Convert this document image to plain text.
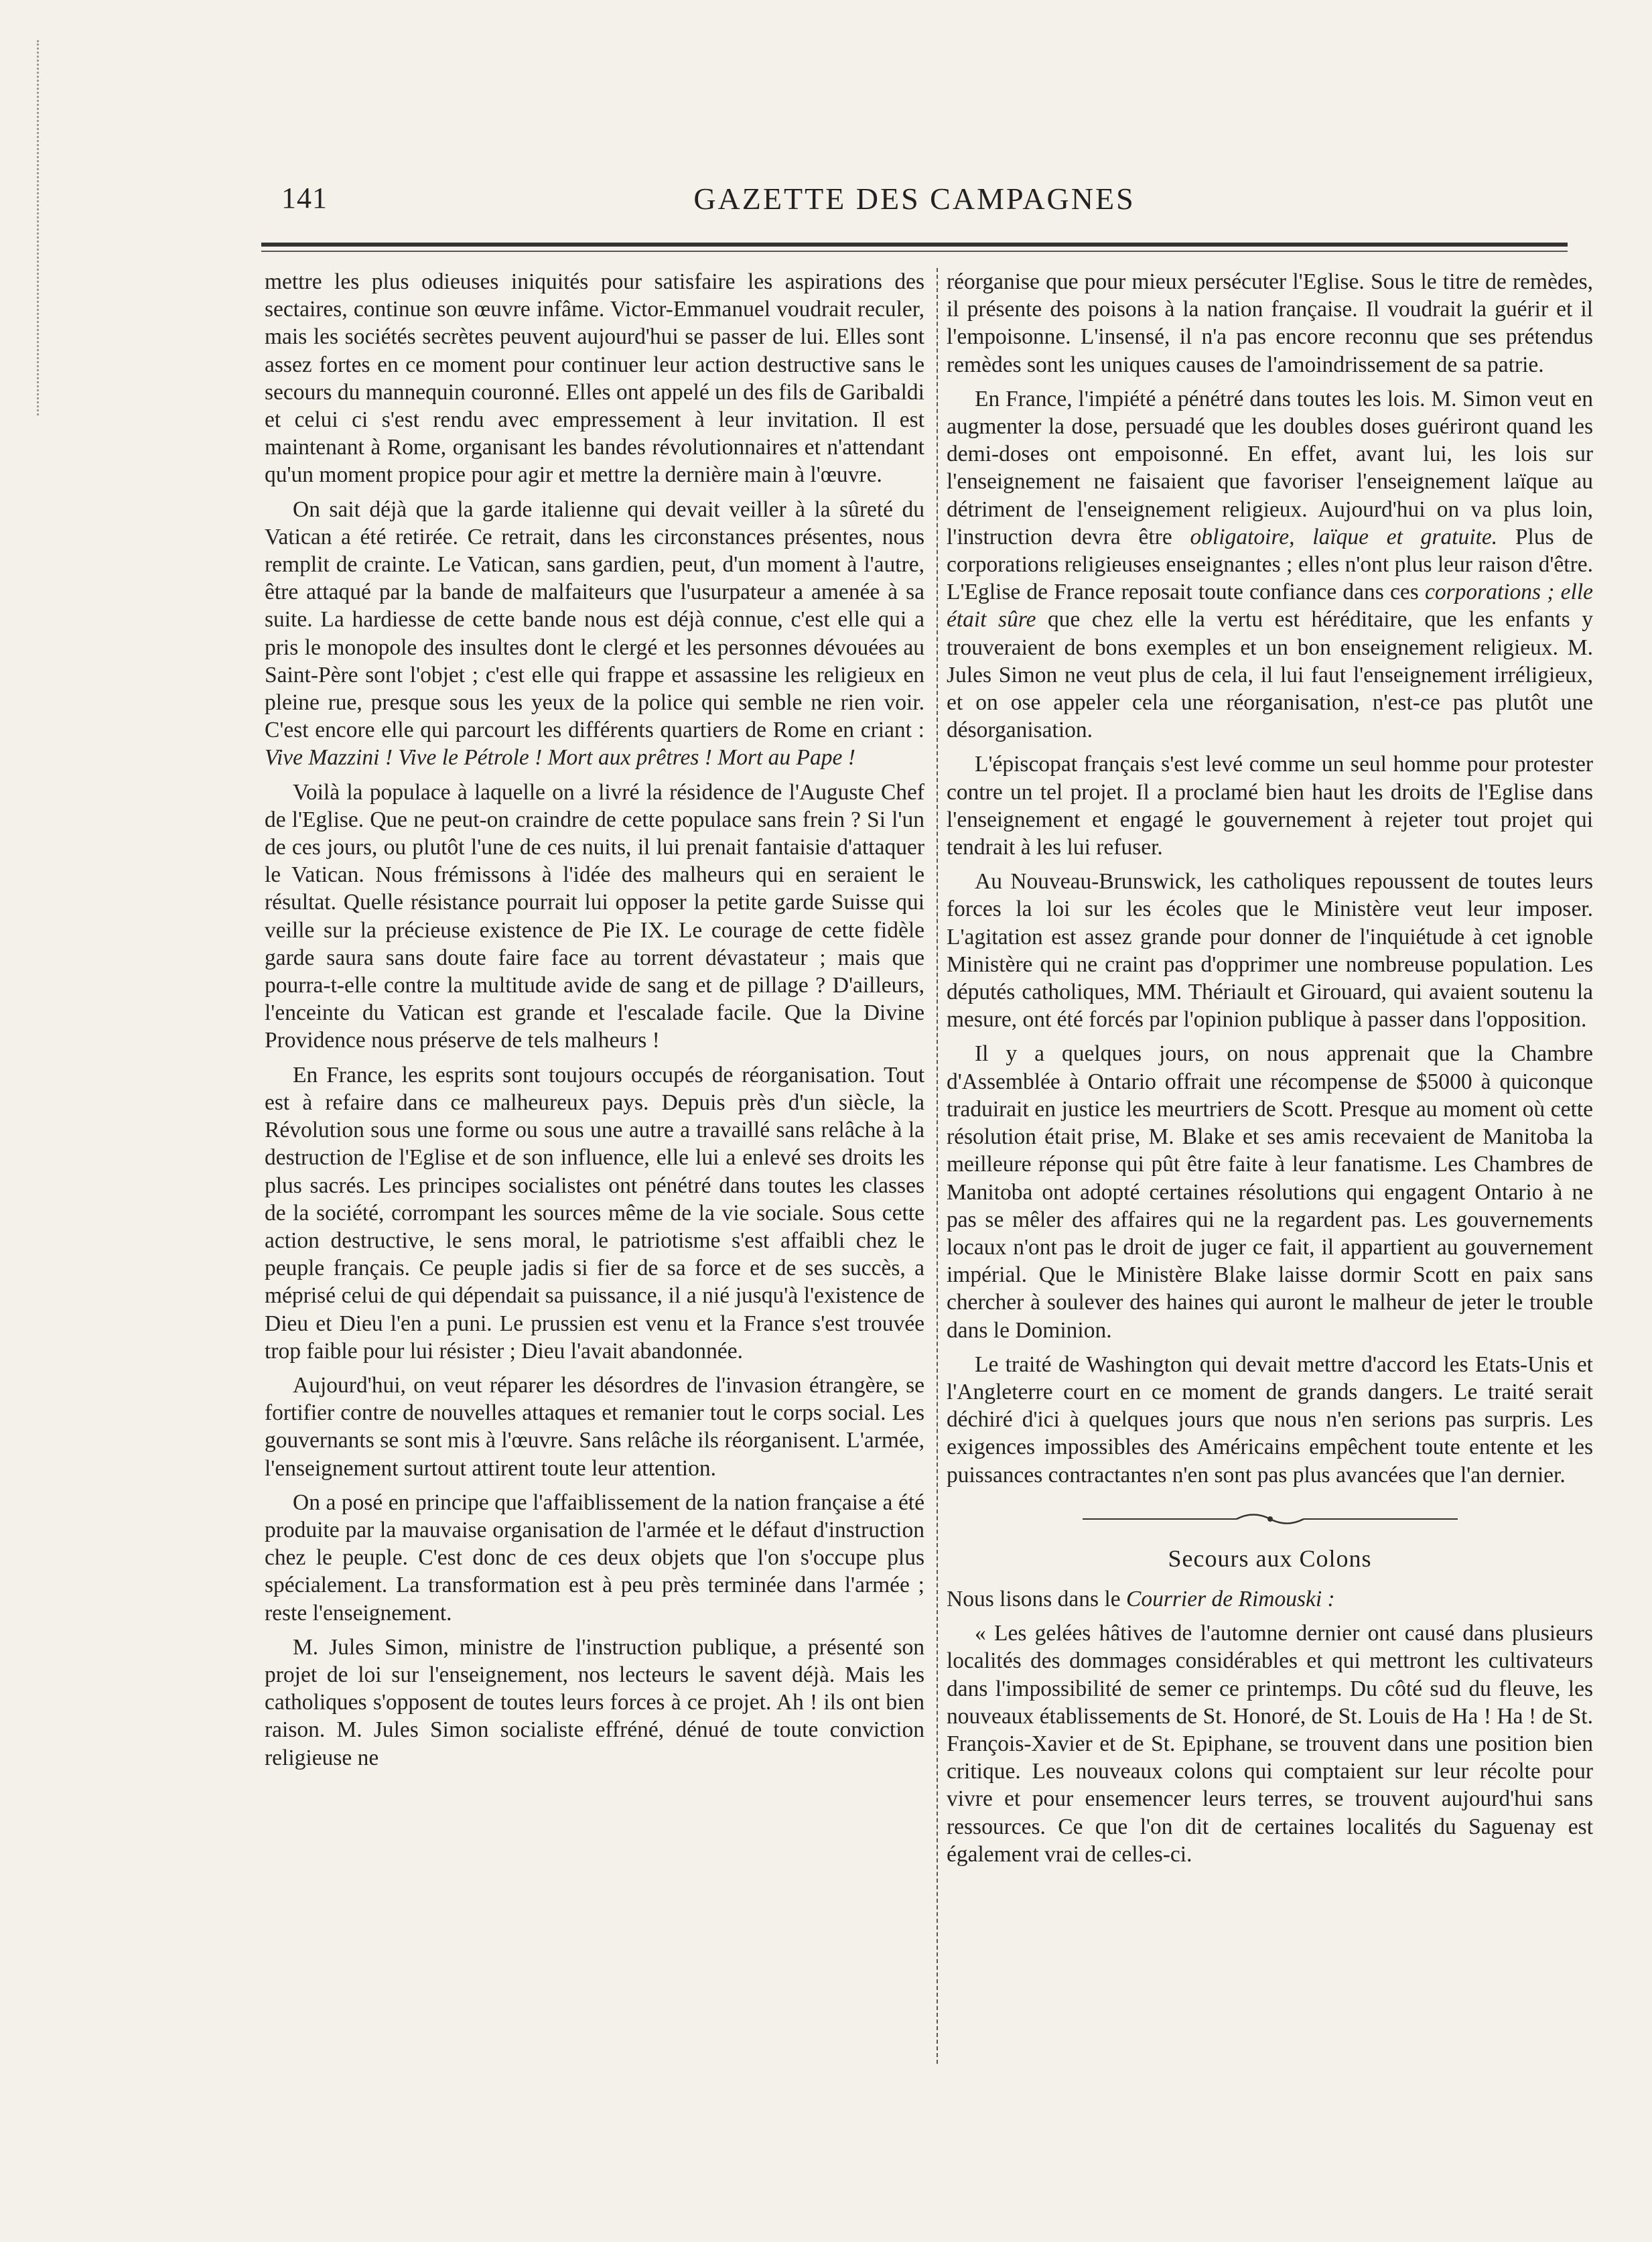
141	GAZETTE DES CAMPAGNES

mettre les plus odieuses iniquités pour satisfaire les aspirations des sectaires, continue son œuvre infâme. Victor-Emmanuel voudrait reculer, mais les sociétés secrètes peuvent aujourd'hui se passer de lui. Elles sont assez fortes en ce moment pour continuer leur action destructive sans le secours du mannequin couronné. Elles ont appelé un des fils de Garibaldi et celui ci s'est rendu avec empressement à leur invitation. Il est maintenant à Rome, organisant les bandes révolutionnaires et n'attendant qu'un moment propice pour agir et mettre la dernière main à l'œuvre.

On sait déjà que la garde italienne qui devait veiller à la sûreté du Vatican a été retirée. Ce retrait, dans les circonstances présentes, nous remplit de crainte. Le Vatican, sans gardien, peut, d'un moment à l'autre, être attaqué par la bande de malfaiteurs que l'usurpateur a amenée à sa suite. La hardiesse de cette bande nous est déjà connue, c'est elle qui a pris le monopole des insultes dont le clergé et les personnes dévouées au Saint-Père sont l'objet ; c'est elle qui frappe et assassine les religieux en pleine rue, presque sous les yeux de la police qui semble ne rien voir. C'est encore elle qui parcourt les différents quartiers de Rome en criant : Vive Mazzini ! Vive le Pétrole ! Mort aux prêtres ! Mort au Pape !

Voilà la populace à laquelle on a livré la résidence de l'Auguste Chef de l'Eglise. Que ne peut-on craindre de cette populace sans frein ? Si l'un de ces jours, ou plutôt l'une de ces nuits, il lui prenait fantaisie d'attaquer le Vatican. Nous frémissons à l'idée des malheurs qui en seraient le résultat. Quelle résistance pourrait lui opposer la petite garde Suisse qui veille sur la précieuse existence de Pie IX. Le courage de cette fidèle garde saura sans doute faire face au torrent dévastateur ; mais que pourra-t-elle contre la multitude avide de sang et de pillage ? D'ailleurs, l'enceinte du Vatican est grande et l'escalade facile. Que la Divine Providence nous préserve de tels malheurs !

En France, les esprits sont toujours occupés de réorganisation. Tout est à refaire dans ce malheureux pays. Depuis près d'un siècle, la Révolution sous une forme ou sous une autre a travaillé sans relâche à la destruction de l'Eglise et de son influence, elle lui a enlevé ses droits les plus sacrés. Les principes socialistes ont pénétré dans toutes les classes de la société, corrompant les sources même de la vie sociale. Sous cette action destructive, le sens moral, le patriotisme s'est affaibli chez le peuple français. Ce peuple jadis si fier de sa force et de ses succès, a méprisé celui de qui dépendait sa puissance, il a nié jusqu'à l'existence de Dieu et Dieu l'en a puni. Le prussien est venu et la France s'est trouvée trop faible pour lui résister ; Dieu l'avait abandonnée.

Aujourd'hui, on veut réparer les désordres de l'invasion étrangère, se fortifier contre de nouvelles attaques et remanier tout le corps social. Les gouvernants se sont mis à l'œuvre. Sans relâche ils réorganisent. L'armée, l'enseignement surtout attirent toute leur attention.

On a posé en principe que l'affaiblissement de la nation française a été produite par la mauvaise organisation de l'armée et le défaut d'instruction chez le peuple. C'est donc de ces deux objets que l'on s'occupe plus spécialement. La transformation est à peu près terminée dans l'armée ; reste l'enseignement.

M. Jules Simon, ministre de l'instruction publique, a présenté son projet de loi sur l'enseignement, nos lecteurs le savent déjà. Mais les catholiques s'opposent de toutes leurs forces à ce projet. Ah ! ils ont bien raison. M. Jules Simon socialiste effréné, dénué de toute conviction religieuse ne

réorganise que pour mieux persécuter l'Eglise. Sous le titre de remèdes, il présente des poisons à la nation française. Il voudrait la guérir et il l'empoisonne. L'insensé, il n'a pas encore reconnu que ses prétendus remèdes sont les uniques causes de l'amoindrissement de sa patrie.

En France, l'impiété a pénétré dans toutes les lois. M. Simon veut en augmenter la dose, persuadé que les doubles doses guériront quand les demi-doses ont empoisonné. En effet, avant lui, les lois sur l'enseignement ne faisaient que favoriser l'enseignement laïque au détriment de l'enseignement religieux. Aujourd'hui on va plus loin, l'instruction devra être obligatoire, laïque et gratuite. Plus de corporations religieuses enseignantes ; elles n'ont plus leur raison d'être. L'Eglise de France reposait toute confiance dans ces corporations ; elle était sûre que chez elle la vertu est héréditaire, que les enfants y trouveraient de bons exemples et un bon enseignement religieux. M. Jules Simon ne veut plus de cela, il lui faut l'enseignement irréligieux, et on ose appeler cela une réorganisation, n'est-ce pas plutôt une désorganisation.

L'épiscopat français s'est levé comme un seul homme pour protester contre un tel projet. Il a proclamé bien haut les droits de l'Eglise dans l'enseignement et engagé le gouvernement à rejeter tout projet qui tendrait à les lui refuser.

Au Nouveau-Brunswick, les catholiques repoussent de toutes leurs forces la loi sur les écoles que le Ministère veut leur imposer. L'agitation est assez grande pour donner de l'inquiétude à cet ignoble Ministère qui ne craint pas d'opprimer une nombreuse population. Les députés catholiques, MM. Thériault et Girouard, qui avaient soutenu la mesure, ont été forcés par l'opinion publique à passer dans l'opposition.

Il y a quelques jours, on nous apprenait que la Chambre d'Assemblée à Ontario offrait une récompense de $5000 à quiconque traduirait en justice les meurtriers de Scott. Presque au moment où cette résolution était prise, M. Blake et ses amis recevaient de Manitoba la meilleure réponse qui pût être faite à leur fanatisme. Les Chambres de Manitoba ont adopté certaines résolutions qui engagent Ontario à ne pas se mêler des affaires qui ne la regardent pas. Les gouvernements locaux n'ont pas le droit de juger ce fait, il appartient au gouvernement impérial. Que le Ministère Blake laisse dormir Scott en paix sans chercher à soulever des haines qui auront le malheur de jeter le trouble dans le Dominion.

Le traité de Washington qui devait mettre d'accord les Etats-Unis et l'Angleterre court en ce moment de grands dangers. Le traité serait déchiré d'ici à quelques jours que nous n'en serions pas surpris. Les exigences impossibles des Américains empêchent toute entente et les puissances contractantes n'en sont pas plus avancées que l'an dernier.

Secours aux Colons

Nous lisons dans le Courrier de Rimouski :

« Les gelées hâtives de l'automne dernier ont causé dans plusieurs localités des dommages considérables et qui mettront les cultivateurs dans l'impossibilité de semer ce printemps. Du côté sud du fleuve, les nouveaux établissements de St. Honoré, de St. Louis de Ha ! Ha ! de St. François-Xavier et de St. Epiphane, se trouvent dans une position bien critique. Les nouveaux colons qui comptaient sur leur récolte pour vivre et pour ensemencer leurs terres, se trouvent aujourd'hui sans ressources. Ce que l'on dit de certaines localités du Saguenay est également vrai de celles-ci.
